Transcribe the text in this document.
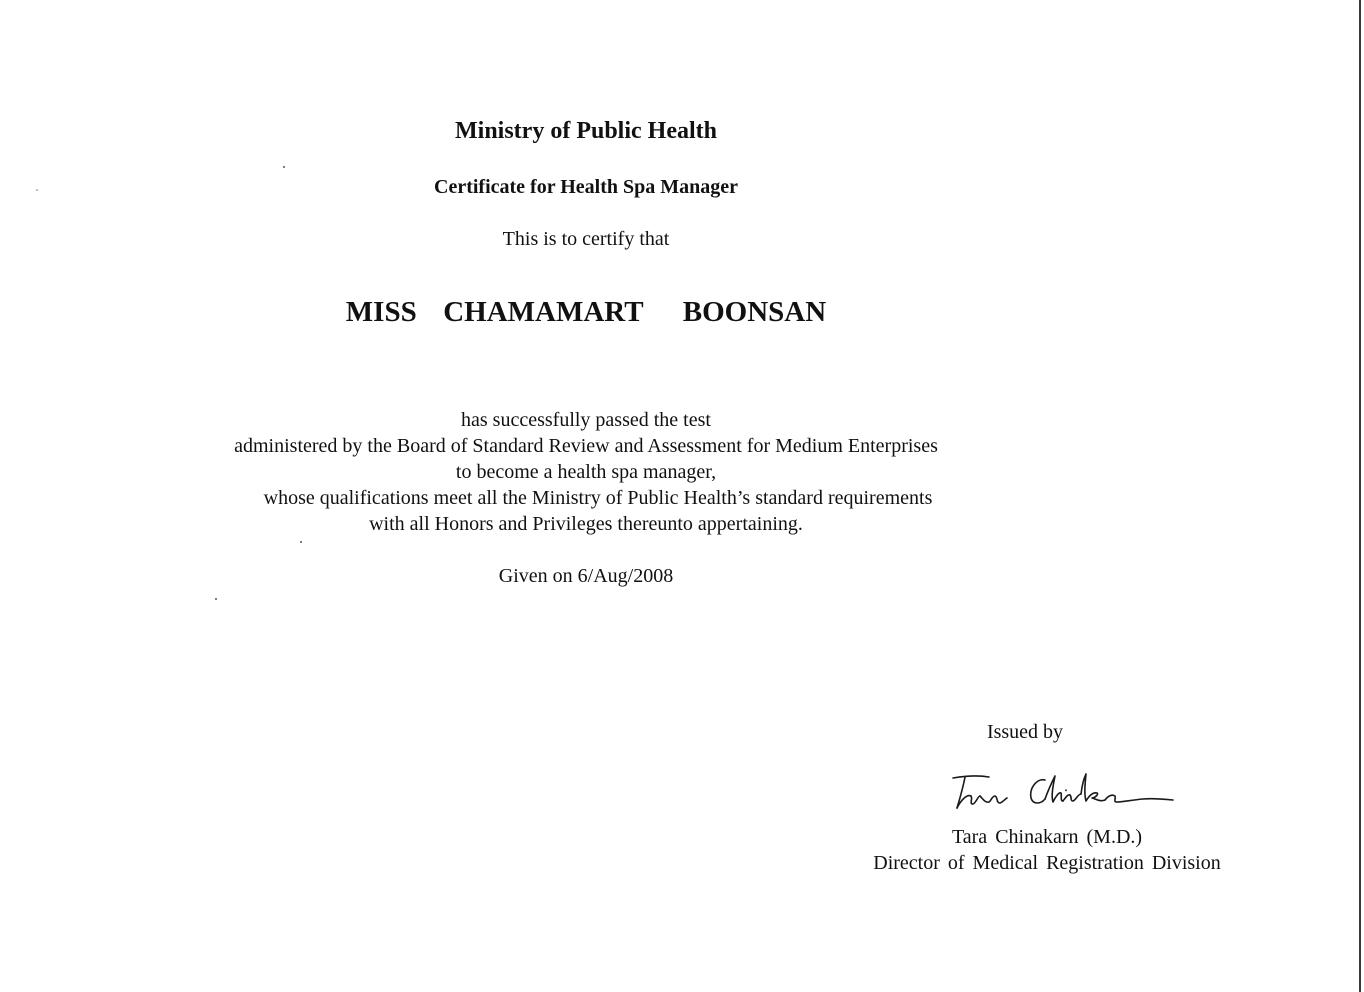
Ministry of Public Health
Certificate for Health Spa Manager
This is to certify that
MISS  CHAMAMART   BOONSAN
has successfully passed the test
administered by the Board of Standard Review and Assessment for Medium Enterprises
to become a health spa manager,
whose qualifications meet all the Ministry of Public Health’s standard requirements
with all Honors and Privileges thereunto appertaining.
Given on 6/Aug/2008
Issued by
Tara Chinakarn (M.D.)
Director of Medical Registration Division
